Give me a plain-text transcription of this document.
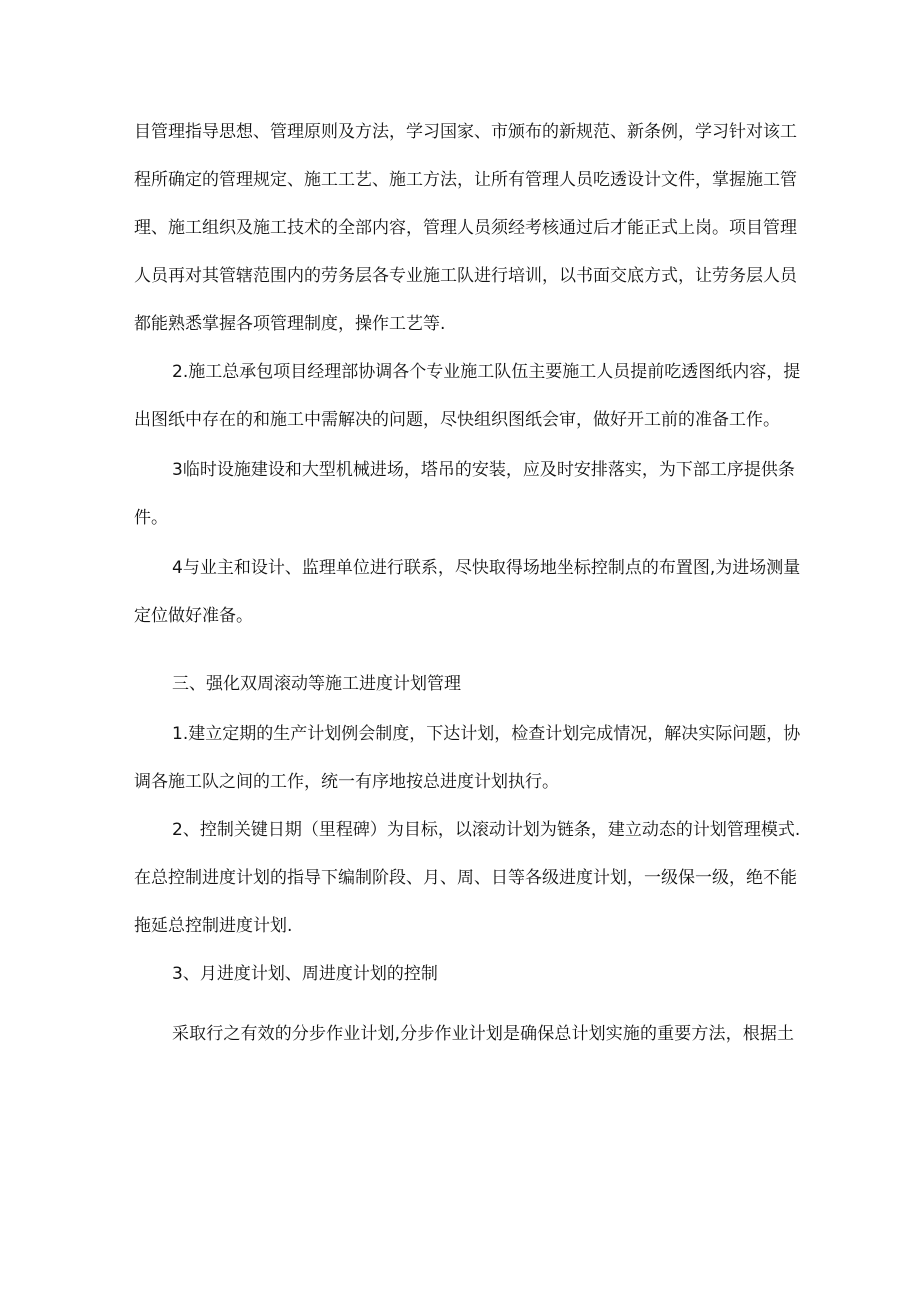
目管理指导思想、管理原则及方法，学习国家、市颁布的新规范、新条例，学习针对该工
程所确定的管理规定、施工工艺、施工方法，让所有管理人员吃透设计文件，掌握施工管
理、施工组织及施工技术的全部内容，管理人员须经考核通过后才能正式上岗。项目管理
人员再对其管辖范围内的劳务层各专业施工队进行培训，以书面交底方式，让劳务层人员
都能熟悉掌握各项管理制度，操作工艺等.
2.施工总承包项目经理部协调各个专业施工队伍主要施工人员提前吃透图纸内容，提
出图纸中存在的和施工中需解决的问题，尽快组织图纸会审，做好开工前的准备工作。
3临时设施建设和大型机械进场，塔吊的安装，应及时安排落实，为下部工序提供条
件。
4与业主和设计、监理单位进行联系，尽快取得场地坐标控制点的布置图,为进场测量
定位做好准备。
三、强化双周滚动等施工进度计划管理
1.建立定期的生产计划例会制度，下达计划，检查计划完成情况，解决实际问题，协
调各施工队之间的工作，统一有序地按总进度计划执行。
2、控制关键日期（里程碑）为目标，以滚动计划为链条，建立动态的计划管理模式.
在总控制进度计划的指导下编制阶段、月、周、日等各级进度计划，一级保一级，绝不能
拖延总控制进度计划.
3、月进度计划、周进度计划的控制
采取行之有效的分步作业计划,分步作业计划是确保总计划实施的重要方法，根据土
